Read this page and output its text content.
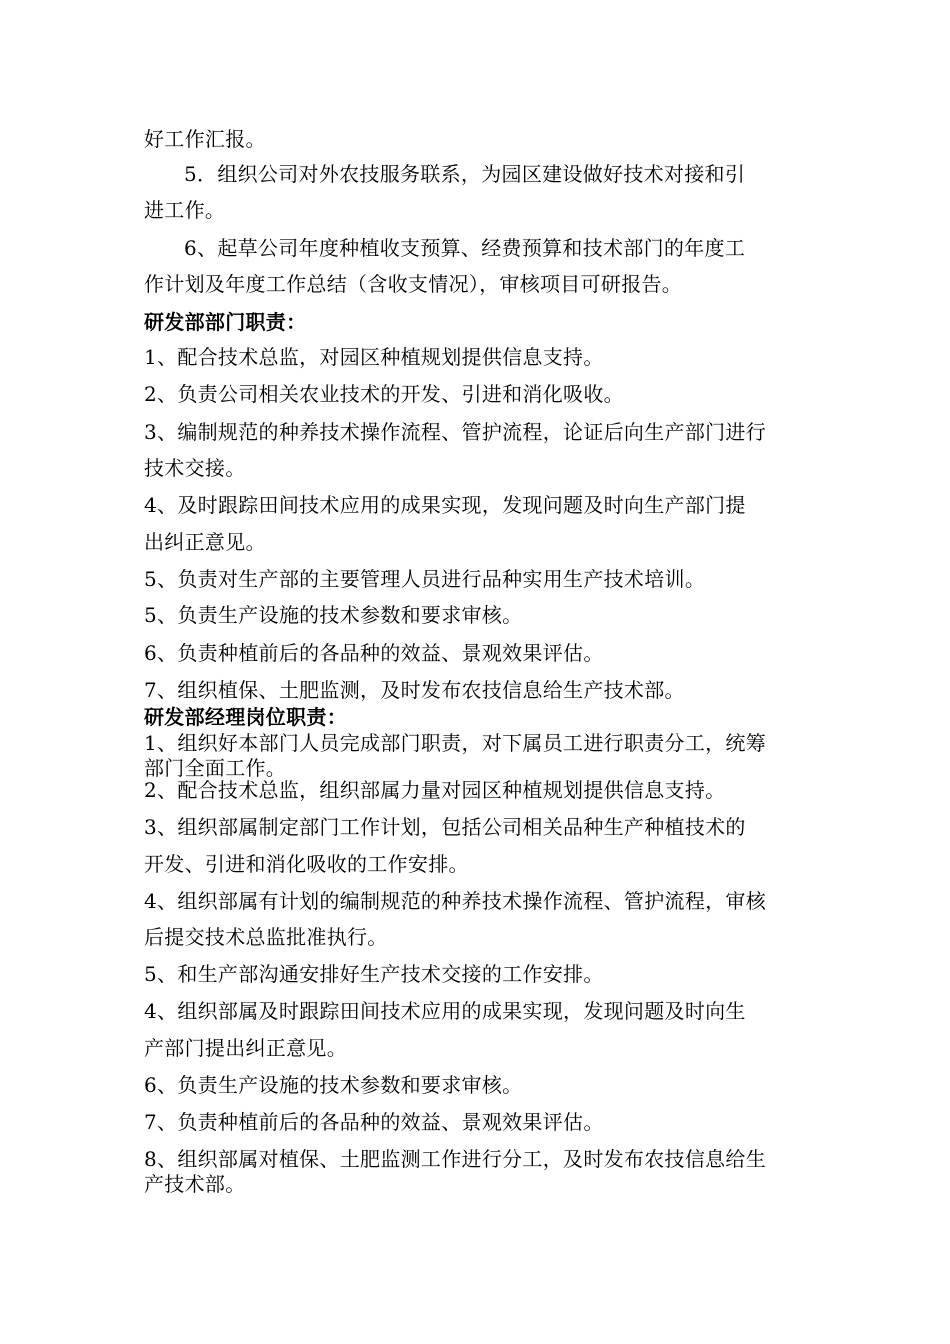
好工作汇报。
5．组织公司对外农技服务联系，为园区建设做好技术对接和引
进工作。
6、起草公司年度种植收支预算、经费预算和技术部门的年度工
作计划及年度工作总结（含收支情况），审核项目可研报告。
研发部部门职责：
1、配合技术总监，对园区种植规划提供信息支持。
2、负责公司相关农业技术的开发、引进和消化吸收。
3、编制规范的种养技术操作流程、管护流程，论证后向生产部门进行
技术交接。
4、及时跟踪田间技术应用的成果实现，发现问题及时向生产部门提
出纠正意见。
5、负责对生产部的主要管理人员进行品种实用生产技术培训。
5、负责生产设施的技术参数和要求审核。
6、负责种植前后的各品种的效益、景观效果评估。
7、组织植保、土肥监测，及时发布农技信息给生产技术部。
研发部经理岗位职责：
1、组织好本部门人员完成部门职责，对下属员工进行职责分工，统筹
部门全面工作。
2、配合技术总监，组织部属力量对园区种植规划提供信息支持。
3、组织部属制定部门工作计划，包括公司相关品种生产种植技术的
开发、引进和消化吸收的工作安排。
4、组织部属有计划的编制规范的种养技术操作流程、管护流程，审核
后提交技术总监批准执行。
5、和生产部沟通安排好生产技术交接的工作安排。
4、组织部属及时跟踪田间技术应用的成果实现，发现问题及时向生
产部门提出纠正意见。
6、负责生产设施的技术参数和要求审核。
7、负责种植前后的各品种的效益、景观效果评估。
8、组织部属对植保、土肥监测工作进行分工，及时发布农技信息给生
产技术部。
